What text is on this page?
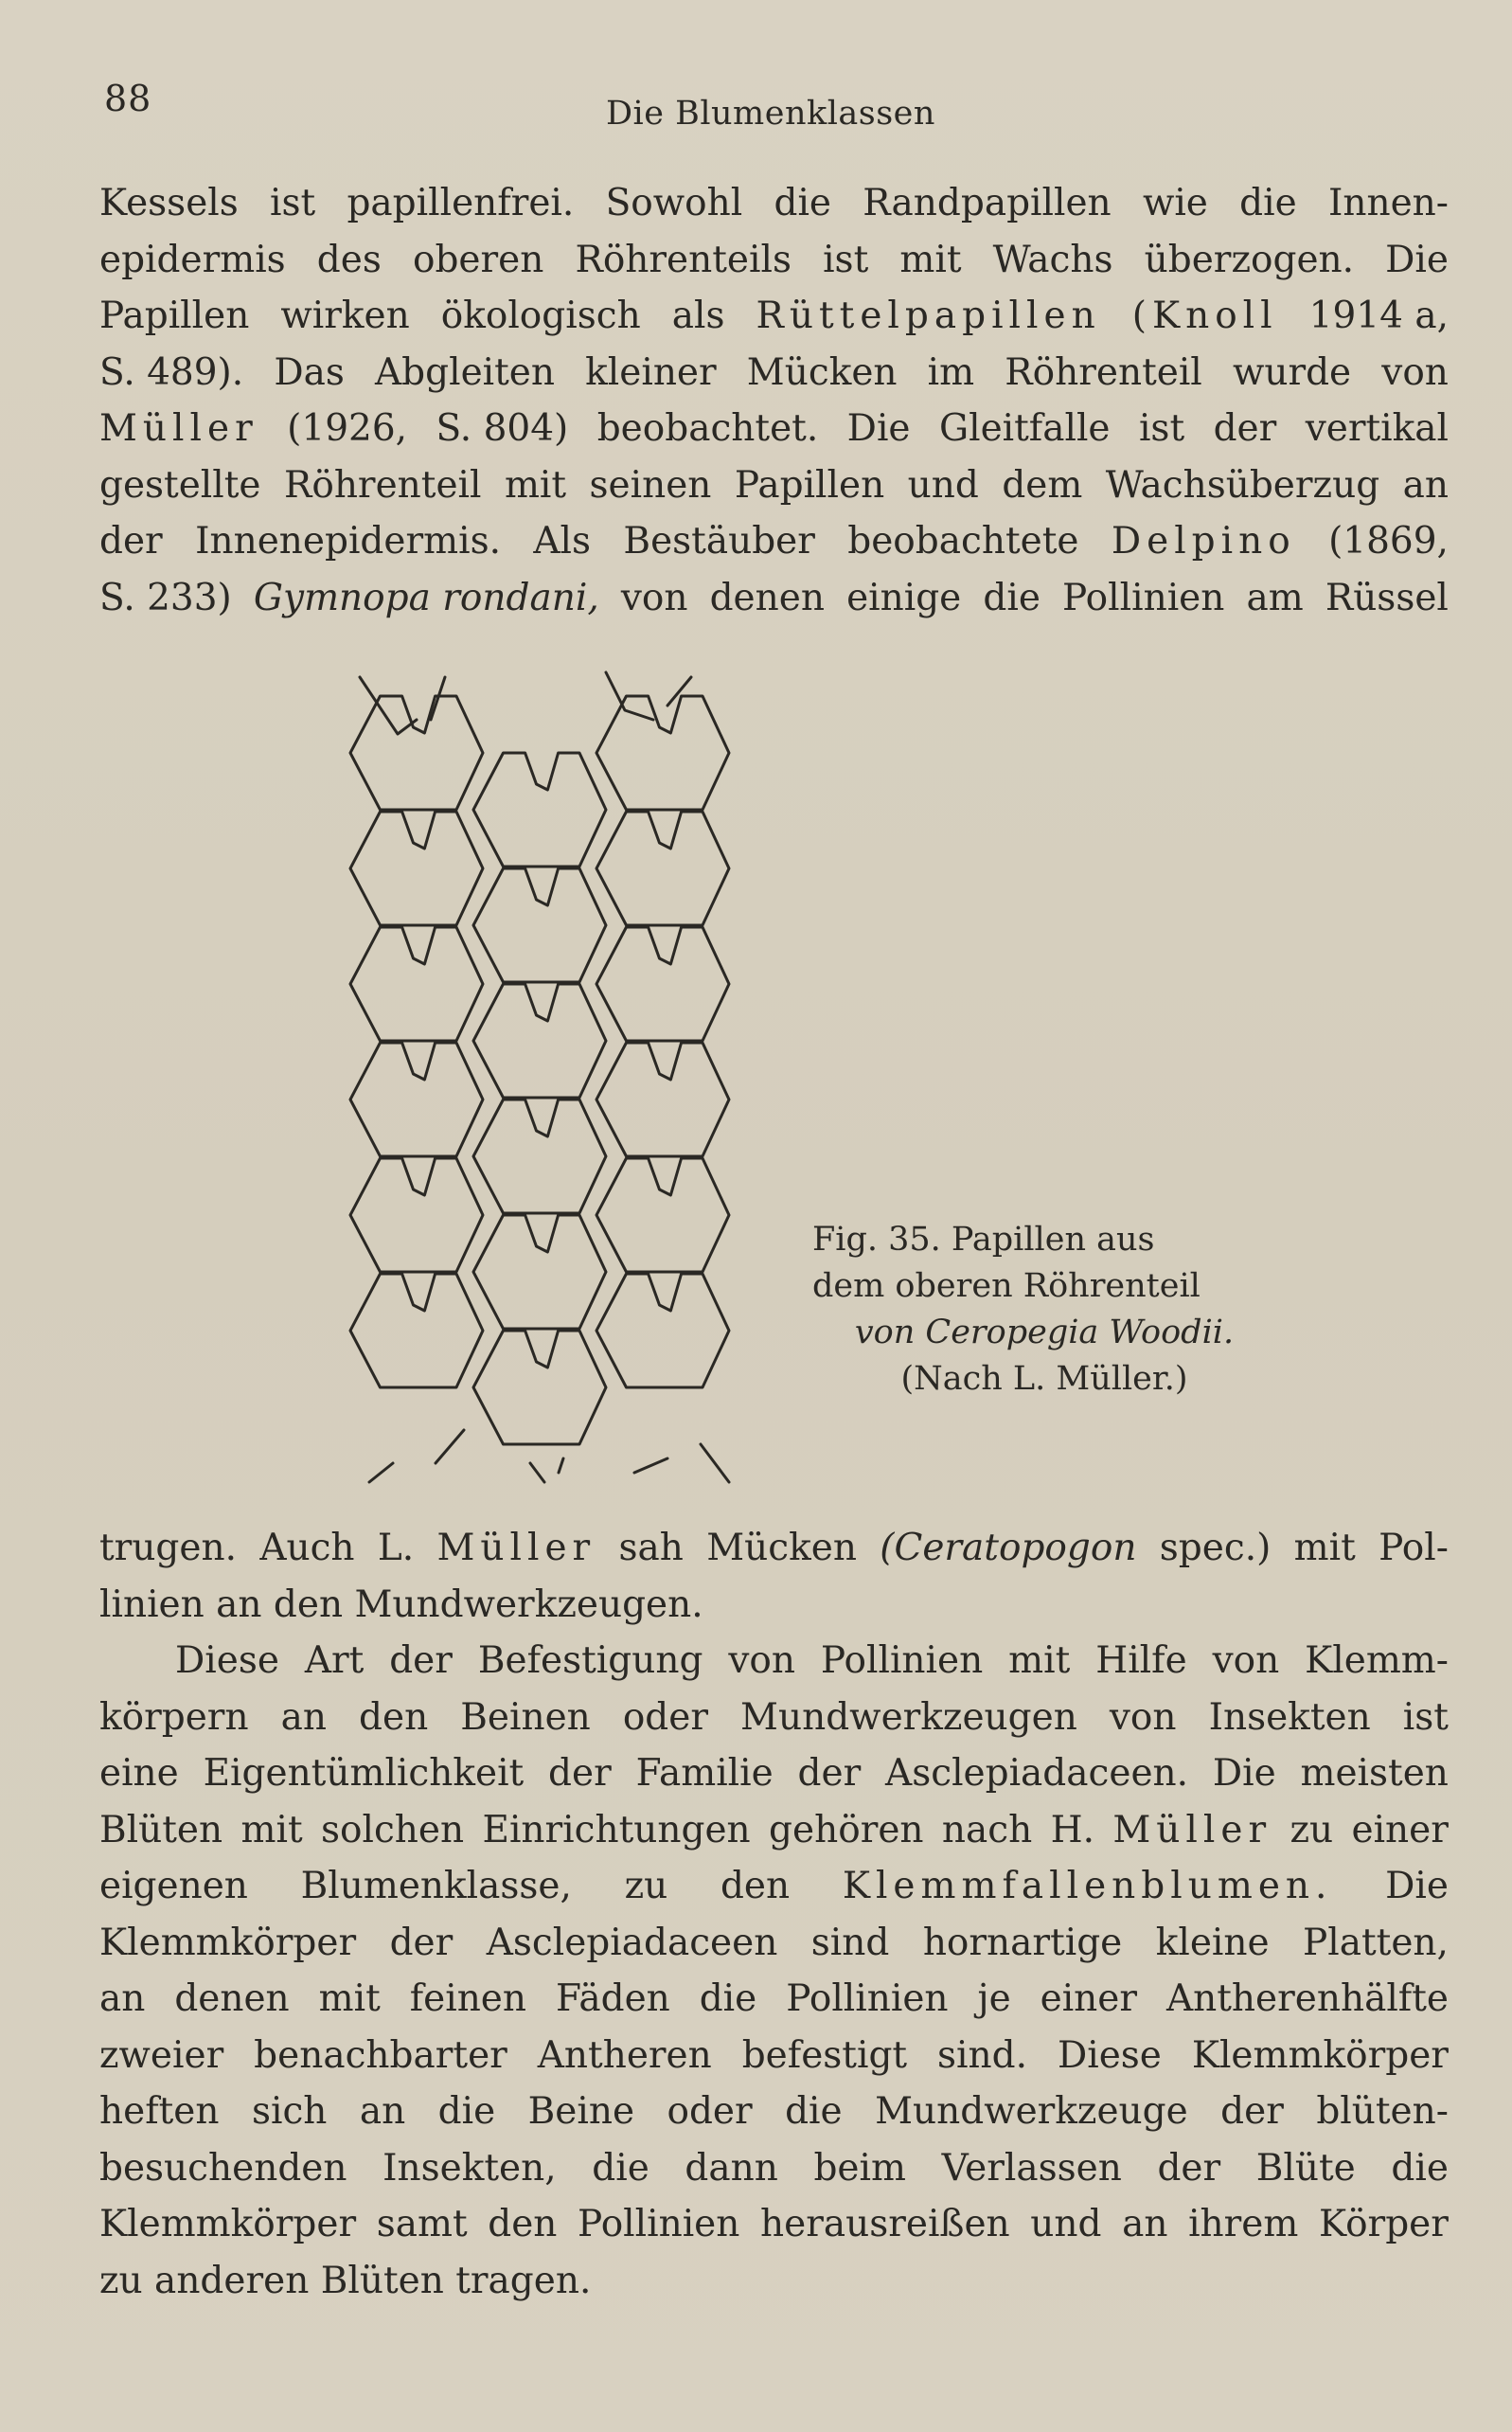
88	Die Blumenklassen
Kessels ist papillenfrei. Sowohl die Randpapillen wie die Innen-
epidermis des oberen Röhrenteils ist mit Wachs überzogen. Die
Papillen wirken ökologisch als Rüttelpapillen (Knoll 1914 a,
S. 489). Das Abgleiten kleiner Mücken im Röhrenteil wurde von
Müller (1926, S. 804) beobachtet. Die Gleitfalle ist der vertikal
gestellte Röhrenteil mit seinen Papillen und dem Wachsüberzug an
der Innenepidermis. Als Bestäuber beobachtete Delpino (1869,
S. 233) Gymnopa rondani, von denen einige die Pollinien am Rüssel
Fig. 35. Papillen aus
dem oberen Röhrenteil
von Ceropegia Woodii.
(Nach L. Müller.)
trugen. Auch L. Müller sah Mücken (Ceratopogon spec.) mit Pol-
linien an den Mundwerkzeugen.
Diese Art der Befestigung von Pollinien mit Hilfe von Klemm-
körpern an den Beinen oder Mundwerkzeugen von Insekten ist
eine Eigentümlichkeit der Familie der Asclepiadaceen. Die meisten
Blüten mit solchen Einrichtungen gehören nach H. Müller zu einer
eigenen Blumenklasse, zu den Klemmfallenblumen. Die
Klemmkörper der Asclepiadaceen sind hornartige kleine Platten,
an denen mit feinen Fäden die Pollinien je einer Antherenhälfte
zweier benachbarter Antheren befestigt sind. Diese Klemmkörper
heften sich an die Beine oder die Mundwerkzeuge der blüten-
besuchenden Insekten, die dann beim Verlassen der Blüte die
Klemmkörper samt den Pollinien herausreißen und an ihrem Körper
zu anderen Blüten tragen.
